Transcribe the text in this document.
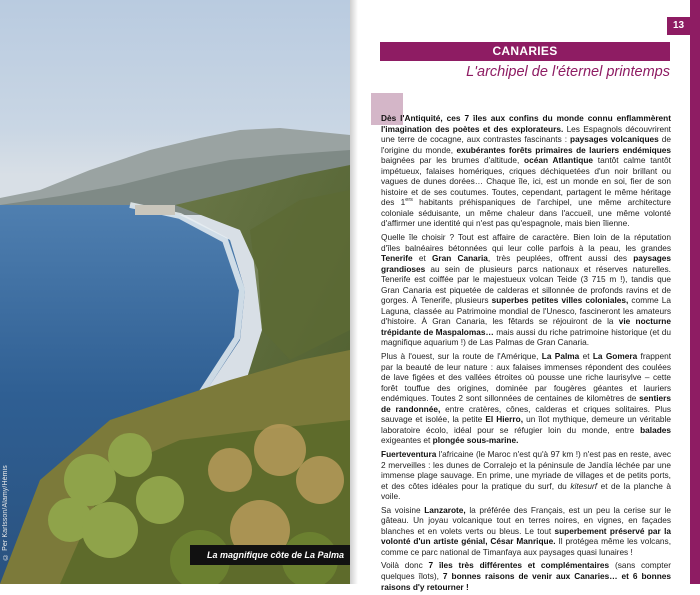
© Per Karlsson/Alamy/Hémis	La magnifique côte de La Palma
13
CANARIES
L'archipel de l'éternel printemps

Dès l'Antiquité, ces 7 îles aux confins du monde connu enflammèrent l'imagination des poètes et des explorateurs. Les Espagnols découvrirent une terre de cocagne, aux contrastes fascinants : paysages volcaniques de l'origine du monde, exubérantes forêts primaires de lauriers endémiques baignées par les brumes d'altitude, océan Atlantique tantôt calme tantôt impétueux, falaises homériques, criques déchiquetées d'un noir brillant ou vagues de dunes dorées… Chaque île, ici, est un monde en soi, fier de son histoire et de ses coutumes. Toutes, cependant, partagent le même héritage des 1ers habitants préhispaniques de l'archipel, une même architecture coloniale séduisante, un même chaleur dans l'accueil, une même volonté d'affirmer une identité qui n'est pas qu'espagnole, mais bien îlienne.

Quelle île choisir ? Tout est affaire de caractère. Bien loin de la réputation d'îles balnéaires bétonnées qui leur colle parfois à la peau, les grandes Tenerife et Gran Canaria, très peuplées, offrent aussi des paysages grandioses au sein de plusieurs parcs nationaux et réserves naturelles. Tenerife est coiffée par le majestueux volcan Teide (3 715 m !), tandis que Gran Canaria est piquetée de calderas et sillonnée de profonds ravins et de gorges. À Tenerife, plusieurs superbes petites villes coloniales, comme La Laguna, classée au Patrimoine mondial de l'Unesco, fascineront les amateurs d'histoire. À Gran Canaria, les fêtards se réjouiront de la vie nocturne trépidante de Maspalomas… mais aussi du riche patrimoine historique (et du magnifique aquarium !) de Las Palmas de Gran Canaria.

Plus à l'ouest, sur la route de l'Amérique, La Palma et La Gomera frappent par la beauté de leur nature : aux falaises immenses répondent des coulées de lave figées et des vallées étroites où pousse une riche laurisylve – cette forêt touffue des origines, dominée par fougères géantes et lauriers endémiques. Toutes 2 sont sillonnées de centaines de kilomètres de sentiers de randonnée, entre cratères, cônes, calderas et criques solitaires. Plus sauvage et isolée, la petite El Hierro, un îlot mythique, demeure un véritable laboratoire écolo, idéal pour se réfugier loin du monde, entre balades exigeantes et plongée sous-marine.

Fuerteventura l'africaine (le Maroc n'est qu'à 97 km !) n'est pas en reste, avec 2 merveilles : les dunes de Corralejo et la péninsule de Jandía léchée par une immense plage sauvage. En prime, une myriade de villages et de petits ports, et des côtes idéales pour la pratique du surf, du kitesurf et de la planche à voile.

Sa voisine Lanzarote, la préférée des Français, est un peu la cerise sur le gâteau. Un joyau volcanique tout en terres noires, en vignes, en façades blanches et en volets verts ou bleus. Le tout superbement préservé par la volonté d'un artiste génial, César Manrique. Il protégea même les volcans, comme ce parc national de Timanfaya aux paysages quasi lunaires !

Voilà donc 7 îles très différentes et complémentaires (sans compter quelques îlots), 7 bonnes raisons de venir aux Canaries… et 6 bonnes raisons d'y retourner !
